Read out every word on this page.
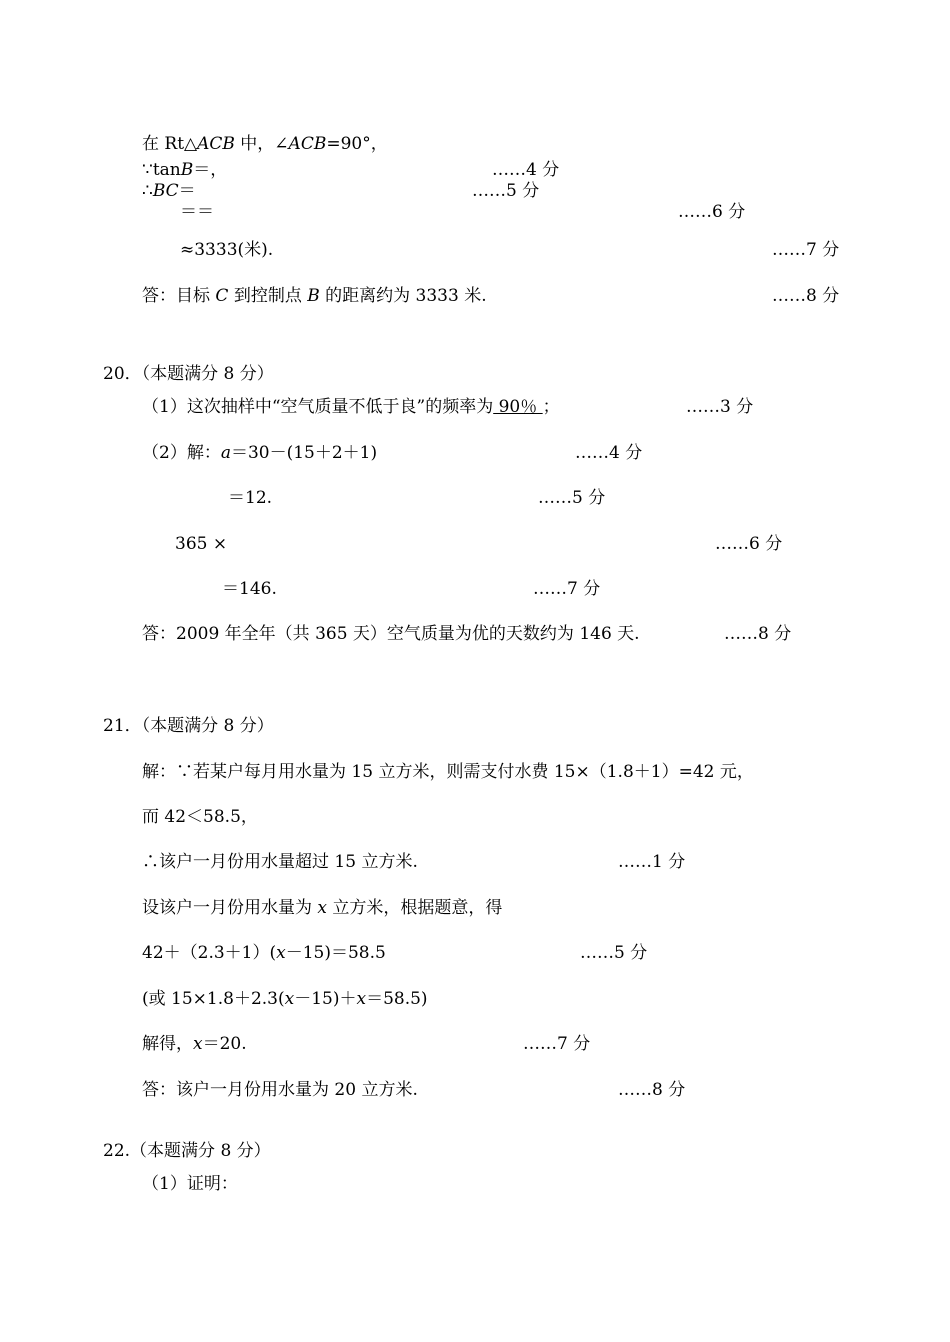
在 Rt△ACB 中，∠ACB=90°，
∵tanB＝，	……4 分
∴BC＝	……5 分
＝＝	……6 分
≈3333(米).	……7 分
答：目标 C 到控制点 B 的距离约为 3333 米.	……8 分
20．（本题满分 8 分）
（1）这次抽样中“空气质量不低于良”的频率为 90％ ；	……3 分
（2）解：a＝30－(15＋2＋1)	……4 分
＝12.	……5 分
365 ×	……6 分
＝146.	……7 分
答：2009 年全年（共 365 天）空气质量为优的天数约为 146 天.	……8 分
21．（本题满分 8 分）
解：∵若某户每月用水量为 15 立方米，则需支付水费 15×（1.8＋1）=42 元，
而 42＜58.5，
∴该户一月份用水量超过 15 立方米.	……1 分
设该户一月份用水量为 x 立方米，根据题意，得
42＋（2.3＋1）(x－15)＝58.5	……5 分
(或 15×1.8＋2.3(x－15)＋x＝58.5)
解得，x＝20.	……7 分
答：该户一月份用水量为 20 立方米.	……8 分
22.（本题满分 8 分）
（1）证明：
